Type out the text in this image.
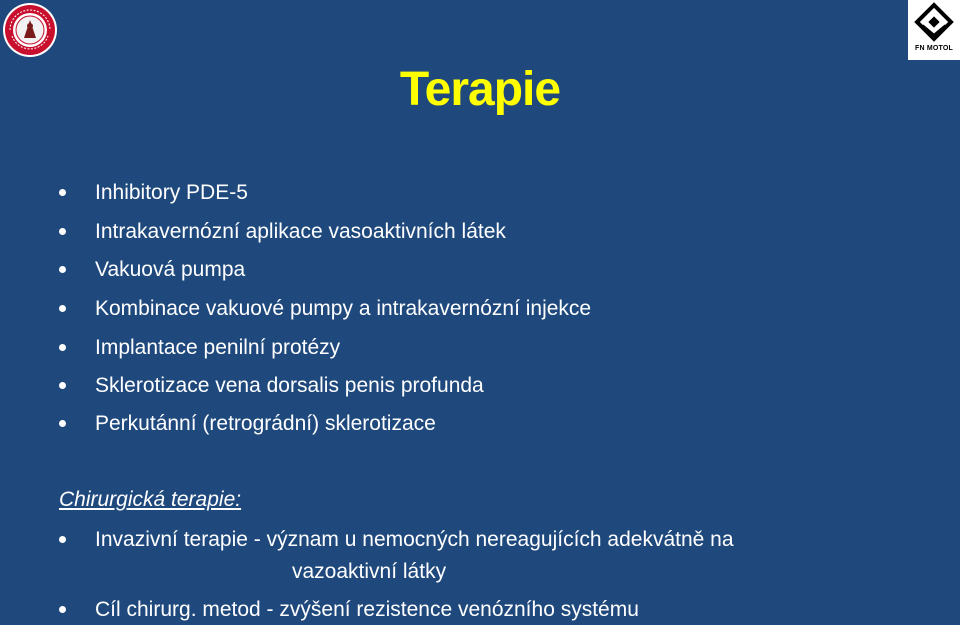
FN MOTOL
Terapie
Inhibitory PDE-5
Intrakavernózní aplikace vasoaktivních látek
Vakuová pumpa
Kombinace vakuové pumpy a intrakavernózní injekce
Implantace penilní protézy
Sklerotizace vena dorsalis penis profunda
Perkutánní (retrográdní) sklerotizace
Chirurgická terapie:
Invazivní terapie - význam u nemocných nereagujících adekvátně na
vazoaktivní látky
Cíl chirurg. metod - zvýšení rezistence venózního systému
